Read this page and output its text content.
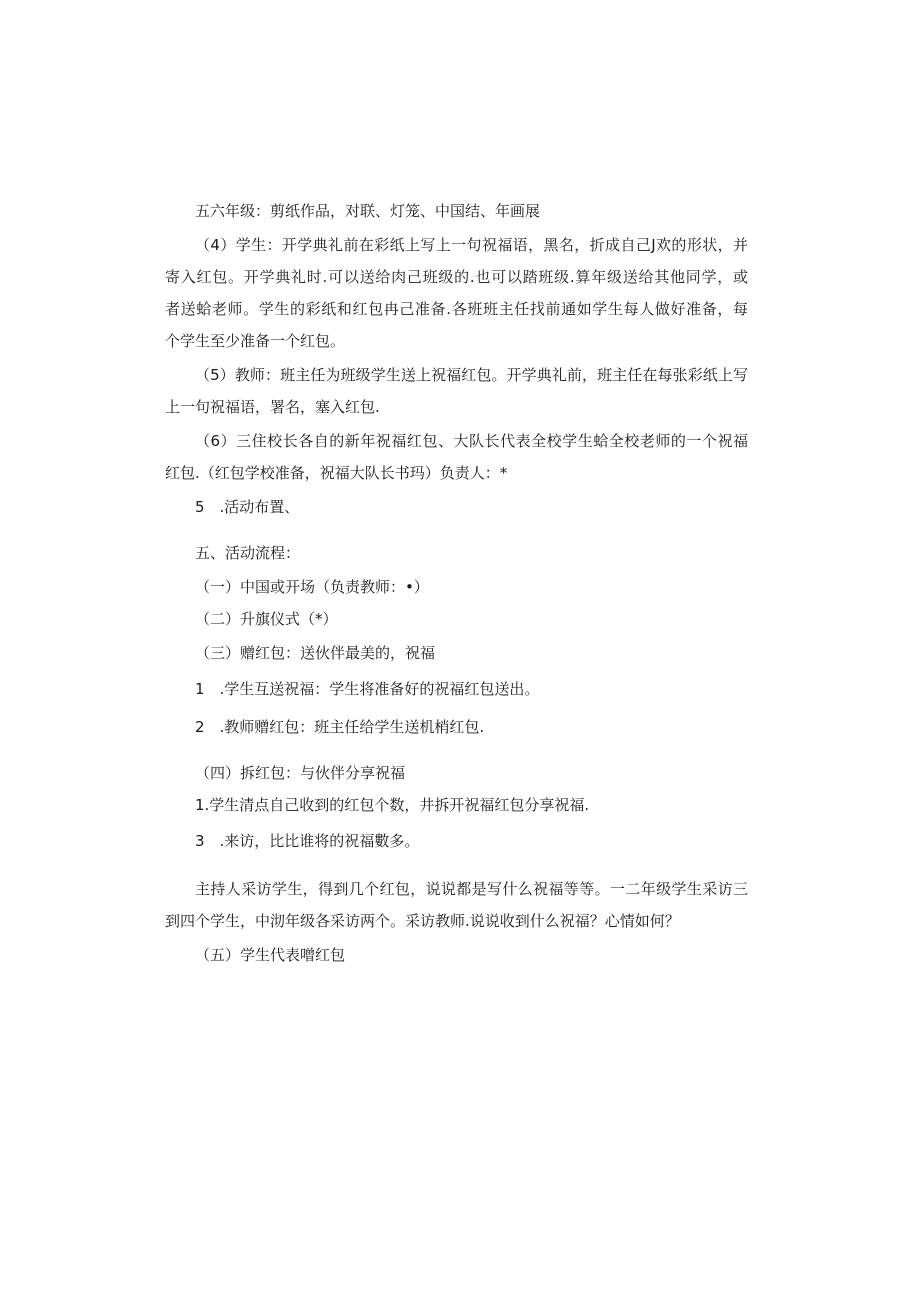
五六年级：剪纸作品，对联、灯笼、中国结、年画展
（4）学生：开学典礼前在彩纸上写上一句祝福语，黑名，折成自己J欢的形状，并
寄入红包。开学典礼时.可以送给肉己班级的.也可以踏班级.算年级送给其他同学，或
者送蛤老师。学生的彩纸和红包冉己准备.各班班主任找前通如学生每人做好准备，每
个学生至少准备一个红包。
（5）教师：班主任为班级学生送上祝福红包。开学典礼前，班主任在每张彩纸上写
上一句祝福语，署名，塞入红包.
（6）三住校长各自的新年祝福红包、大队长代表全校学生蛤全校老师的一个祝福
红包.（红包学校准备，祝福大队长书玛）负责人：*
5　.活动布置、
五、活动流程：
（一）中国或开场（负责教师：•）
（二）升旗仪式（*）
（三）赠红包：送伙伴最美的，祝福
1　.学生互送祝福：学生将准备好的祝福红包送出。
2　.教师赠红包：班主任给学生送机梢红包.
（四）拆红包：与伙伴分享祝福
1.学生清点自己收到的红包个数，井拆开祝福红包分享祝福.
3　.来访，比比谁将的祝福數多。
主持人采访学生，得到几个红包，说说都是写什么祝福等等。一二年级学生采访三
到四个学生，中沏年级各采访两个。采访教师.说说收到什么祝福？心情如何？
（五）学生代表噌红包
